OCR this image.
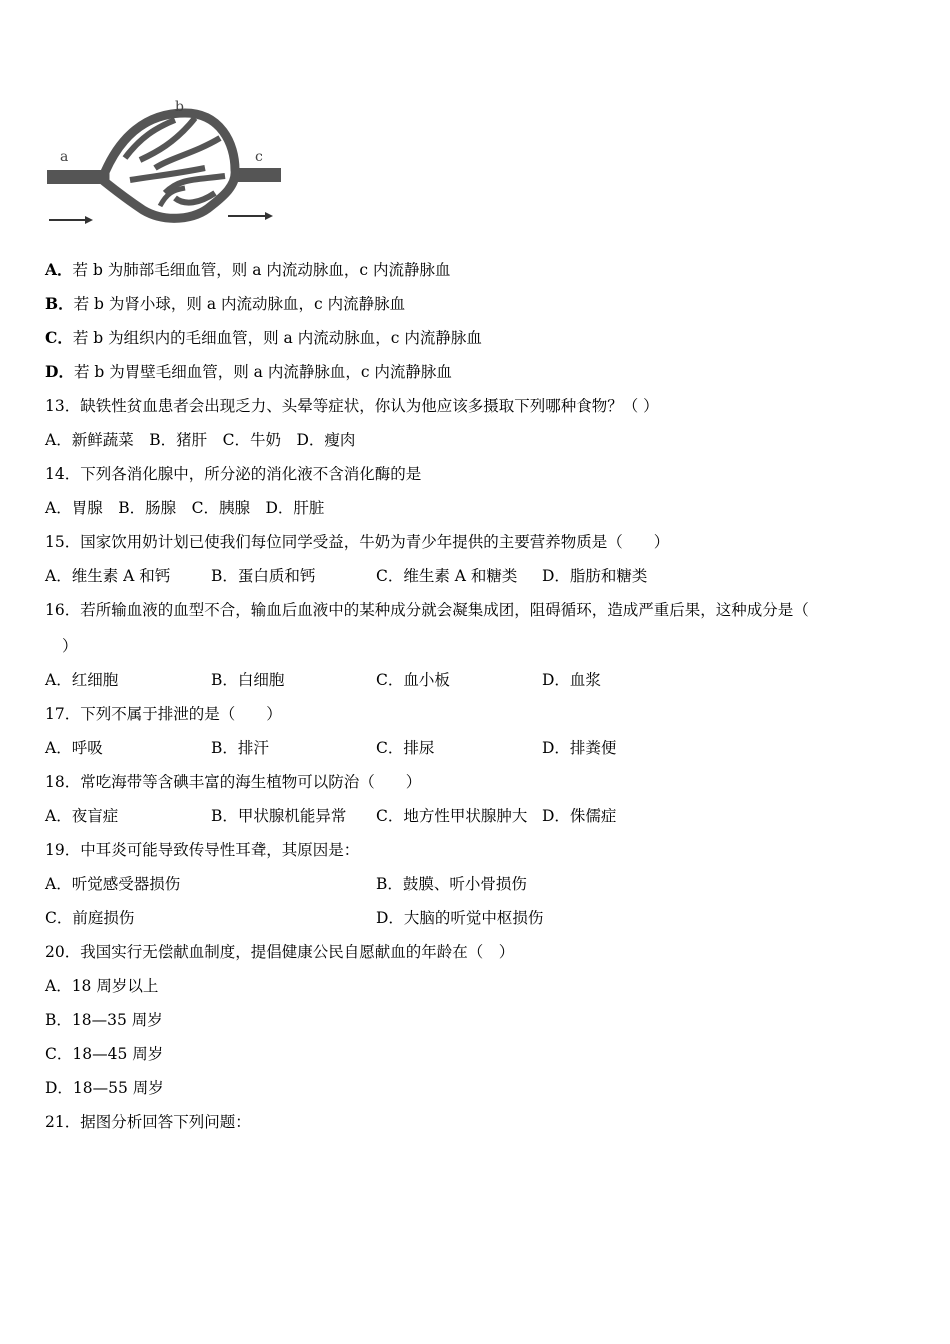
b
a	c
A．若 b 为肺部毛细血管，则 a 内流动脉血，c 内流静脉血
B．若 b 为肾小球，则 a 内流动脉血，c 内流静脉血
C．若 b 为组织内的毛细血管，则 a 内流动脉血，c 内流静脉血
D．若 b 为胃壁毛细血管，则 a 内流静脉血，c 内流静脉血
13．缺铁性贫血患者会出现乏力、头晕等症状，你认为他应该多摄取下列哪种食物？（ ）
A．新鲜蔬菜　B．猪肝　C．牛奶　D．瘦肉
14．下列各消化腺中，所分泌的消化液不含消化酶的是
A．胃腺　B．肠腺　C．胰腺　D．肝脏
15．国家饮用奶计划已使我们每位同学受益，牛奶为青少年提供的主要营养物质是（　　）
A．维生素 A 和钙	B．蛋白质和钙	C．维生素 A 和糖类 D．脂肪和糖类
16．若所输血液的血型不合，输血后血液中的某种成分就会凝集成团，阻碍循环，造成严重后果，这种成分是（
）
A．红细胞	B．白细胞	C．血小板	D．血浆
17．下列不属于排泄的是（　　）
A．呼吸	B．排汗	C．排尿	D．排粪便
18．常吃海带等含碘丰富的海生植物可以防治（　　）
A．夜盲症	B．甲状腺机能异常 C．地方性甲状腺肿大 D．侏儒症
19．中耳炎可能导致传导性耳聋，其原因是：
A．听觉感受器损伤	B．鼓膜、听小骨损伤
C．前庭损伤	D．大脑的听觉中枢损伤
20．我国实行无偿献血制度，提倡健康公民自愿献血的年龄在（　）
A．18 周岁以上
B．18—35 周岁
C．18—45 周岁
D．18—55 周岁
21．据图分析回答下列问题：
